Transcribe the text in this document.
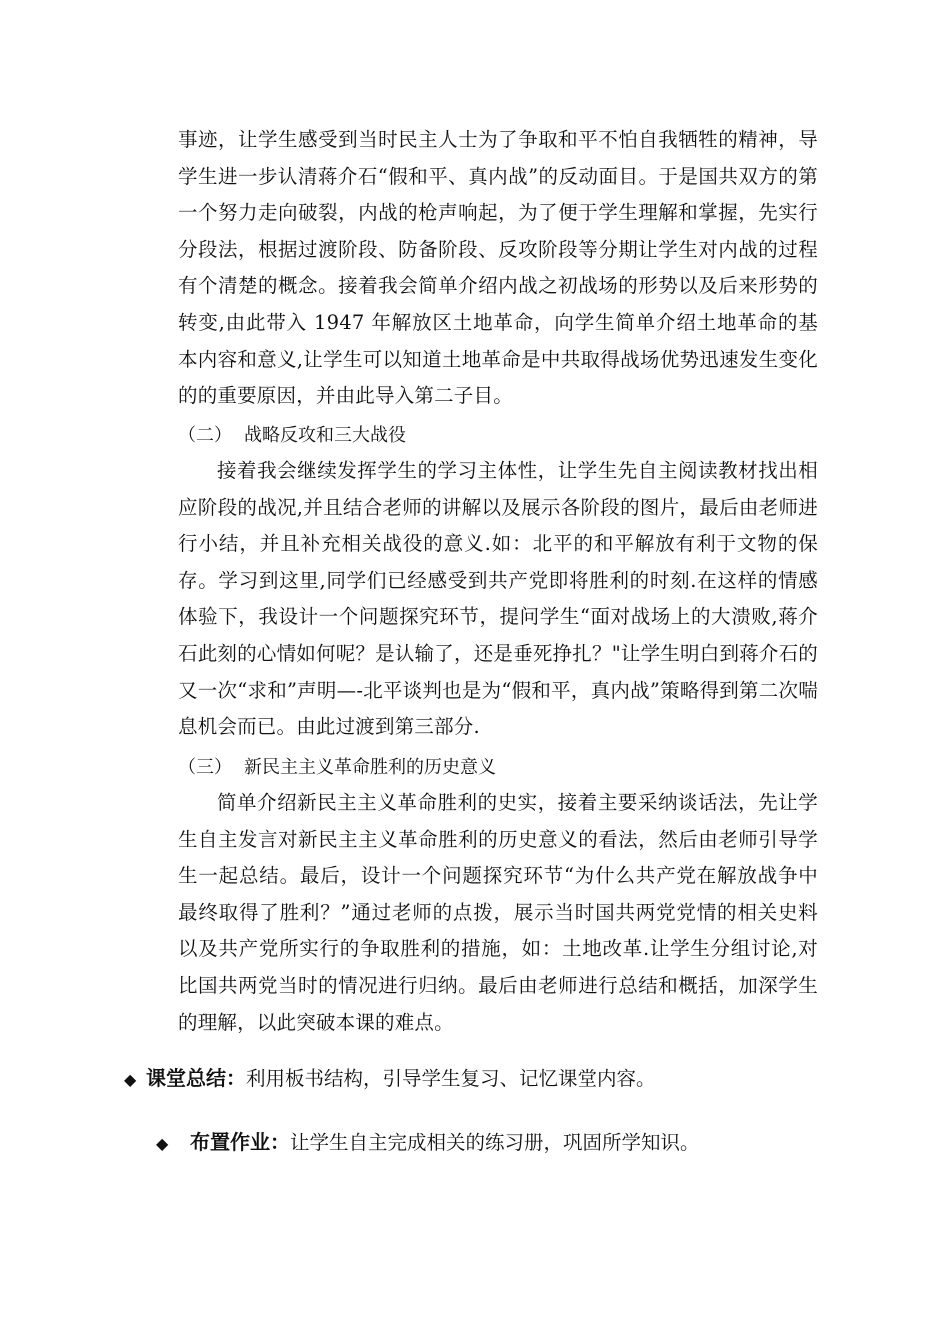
事迹，让学生感受到当时民主人士为了争取和平不怕自我牺牲的精神，导学生进一步认清蒋介石“假和平、真内战”的反动面目。于是国共双方的第一个努力走向破裂，内战的枪声响起，为了便于学生理解和掌握，先实行分段法，根据过渡阶段、防备阶段、反攻阶段等分期让学生对内战的过程有个清楚的概念。接着我会简单介绍内战之初战场的形势以及后来形势的转变,由此带入 1947 年解放区土地革命，向学生简单介绍土地革命的基本内容和意义,让学生可以知道土地革命是中共取得战场优势迅速发生变化的的重要原因，并由此导入第二子目。

（二） 战略反攻和三大战役

接着我会继续发挥学生的学习主体性，让学生先自主阅读教材找出相应阶段的战况,并且结合老师的讲解以及展示各阶段的图片，最后由老师进行小结，并且补充相关战役的意义.如：北平的和平解放有利于文物的保存。学习到这里,同学们已经感受到共产党即将胜利的时刻.在这样的情感体验下，我设计一个问题探究环节，提问学生“面对战场上的大溃败,蒋介石此刻的心情如何呢？是认输了，还是垂死挣扎？"让学生明白到蒋介石的又一次“求和”声明—-北平谈判也是为“假和平，真内战”策略得到第二次喘息机会而已。由此过渡到第三部分.

（三） 新民主主义革命胜利的历史意义

简单介绍新民主主义革命胜利的史实，接着主要采纳谈话法，先让学生自主发言对新民主主义革命胜利的历史意义的看法，然后由老师引导学生一起总结。最后，设计一个问题探究环节“为什么共产党在解放战争中最终取得了胜利？”通过老师的点拨，展示当时国共两党党情的相关史料以及共产党所实行的争取胜利的措施，如：土地改革.让学生分组讨论,对比国共两党当时的情况进行归纳。最后由老师进行总结和概括，加深学生的理解，以此突破本课的难点。

◆ 课堂总结：利用板书结构，引导学生复习、记忆课堂内容。
◆ 布置作业：让学生自主完成相关的练习册，巩固所学知识。
